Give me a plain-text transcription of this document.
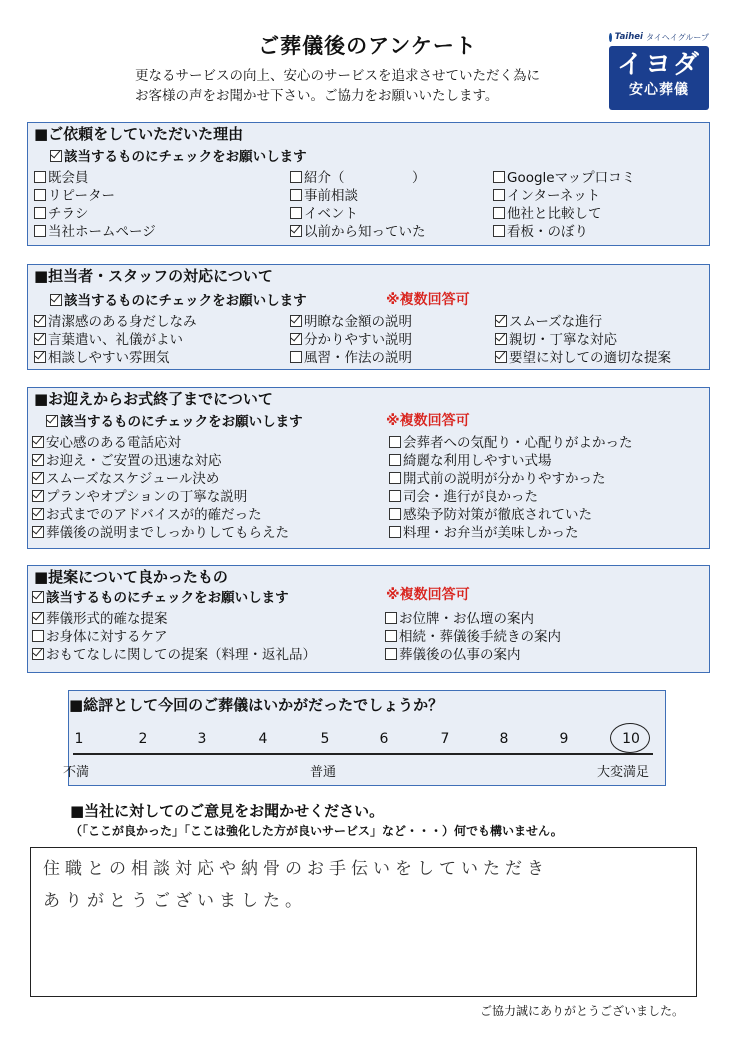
ご葬儀後のアンケート
更なるサービスの向上、安心のサービスを追求させていただく為に
お客様の声をお聞かせ下さい。ご協力をお願いいたします。
Taihei タイヘイグループ
イヨダ
安心葬儀
■ご依頼をしていただいた理由
該当するものにチェックをお願いします
既会員
リピーター
チラシ
当社ホームページ
紹介（　　　　　）
事前相談
イベント
以前から知っていた
Googleマップ口コミ
インターネット
他社と比較して
看板・のぼり
■担当者・スタッフの対応について
該当するものにチェックをお願いします	※複数回答可
清潔感のある身だしなみ
言葉遣い、礼儀がよい
相談しやすい雰囲気
明瞭な金額の説明
分かりやすい説明
風習・作法の説明
スムーズな進行
親切・丁寧な対応
要望に対しての適切な提案
■お迎えからお式終了までについて
該当するものにチェックをお願いします	※複数回答可
安心感のある電話応対
お迎え・ご安置の迅速な対応
スムーズなスケジュール決め
プランやオプションの丁寧な説明
お式までのアドバイスが的確だった
葬儀後の説明までしっかりしてもらえた
会葬者への気配り・心配りがよかった
綺麗な利用しやすい式場
開式前の説明が分かりやすかった
司会・進行が良かった
感染予防対策が徹底されていた
料理・お弁当が美味しかった
■提案について良かったもの
該当するものにチェックをお願いします	※複数回答可
葬儀形式的確な提案
お身体に対するケア
おもてなしに関しての提案（料理・返礼品）
お位牌・お仏壇の案内
相続・葬儀後手続きの案内
葬儀後の仏事の案内
■総評として今回のご葬儀はいかがだったでしょうか？
1	2	3	4	5	6	7	8	9	10
不満	普通	大変満足
■当社に対してのご意見をお聞かせください。
（「ここが良かった」「ここは強化した方が良いサービス」など・・・）何でも構いません。
住職との相談対応や納骨のお手伝いをしていただき
ありがとうございました。
ご協力誠にありがとうございました。
